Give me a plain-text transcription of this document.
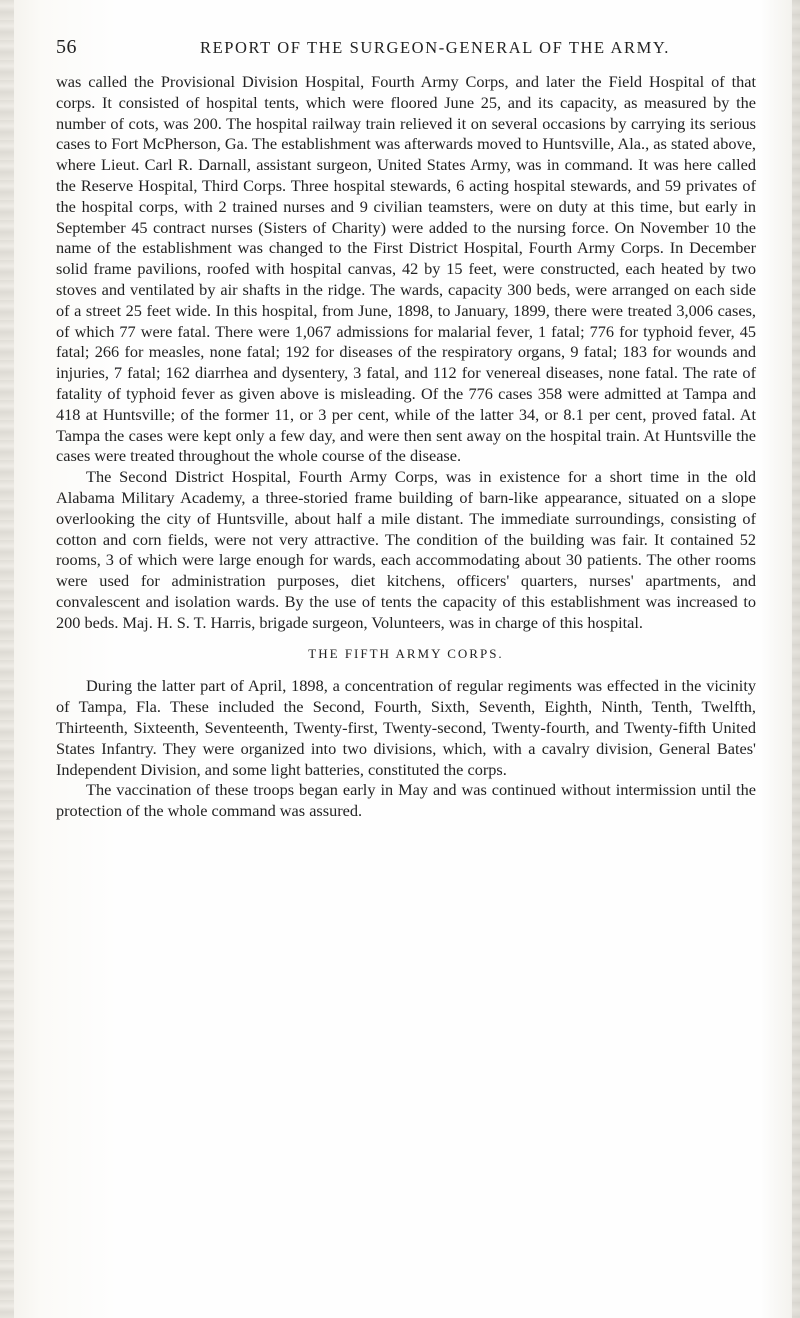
56	REPORT OF THE SURGEON-GENERAL OF THE ARMY.

was called the Provisional Division Hospital, Fourth Army Corps, and later the Field Hospital of that corps. It consisted of hospital tents, which were floored June 25, and its capacity, as measured by the number of cots, was 200. The hospital railway train relieved it on several occasions by carrying its serious cases to Fort McPherson, Ga. The establishment was afterwards moved to Huntsville, Ala., as stated above, where Lieut. Carl R. Darnall, assistant surgeon, United States Army, was in command. It was here called the Reserve Hospital, Third Corps. Three hospital stewards, 6 acting hospital stewards, and 59 privates of the hospital corps, with 2 trained nurses and 9 civilian teamsters, were on duty at this time, but early in September 45 contract nurses (Sisters of Charity) were added to the nursing force. On November 10 the name of the establishment was changed to the First District Hospital, Fourth Army Corps. In December solid frame pavilions, roofed with hospital canvas, 42 by 15 feet, were constructed, each heated by two stoves and ventilated by air shafts in the ridge. The wards, capacity 300 beds, were arranged on each side of a street 25 feet wide. In this hospital, from June, 1898, to January, 1899, there were treated 3,006 cases, of which 77 were fatal. There were 1,067 admissions for malarial fever, 1 fatal; 776 for typhoid fever, 45 fatal; 266 for measles, none fatal; 192 for diseases of the respiratory organs, 9 fatal; 183 for wounds and injuries, 7 fatal; 162 diarrhea and dysentery, 3 fatal, and 112 for venereal diseases, none fatal. The rate of fatality of typhoid fever as given above is misleading. Of the 776 cases 358 were admitted at Tampa and 418 at Huntsville; of the former 11, or 3 per cent, while of the latter 34, or 8.1 per cent, proved fatal. At Tampa the cases were kept only a few day, and were then sent away on the hospital train. At Huntsville the cases were treated throughout the whole course of the disease.

The Second District Hospital, Fourth Army Corps, was in existence for a short time in the old Alabama Military Academy, a three-storied frame building of barn-like appearance, situated on a slope overlooking the city of Huntsville, about half a mile distant. The immediate surroundings, consisting of cotton and corn fields, were not very attractive. The condition of the building was fair. It contained 52 rooms, 3 of which were large enough for wards, each accommodating about 30 patients. The other rooms were used for administration purposes, diet kitchens, officers' quarters, nurses' apartments, and convalescent and isolation wards. By the use of tents the capacity of this establishment was increased to 200 beds. Maj. H. S. T. Harris, brigade surgeon, Volunteers, was in charge of this hospital.

THE FIFTH ARMY CORPS.

During the latter part of April, 1898, a concentration of regular regiments was effected in the vicinity of Tampa, Fla. These included the Second, Fourth, Sixth, Seventh, Eighth, Ninth, Tenth, Twelfth, Thirteenth, Sixteenth, Seventeenth, Twenty-first, Twenty-second, Twenty-fourth, and Twenty-fifth United States Infantry. They were organized into two divisions, which, with a cavalry division, General Bates' Independent Division, and some light batteries, constituted the corps.

The vaccination of these troops began early in May and was continued without intermission until the protection of the whole command was assured.
